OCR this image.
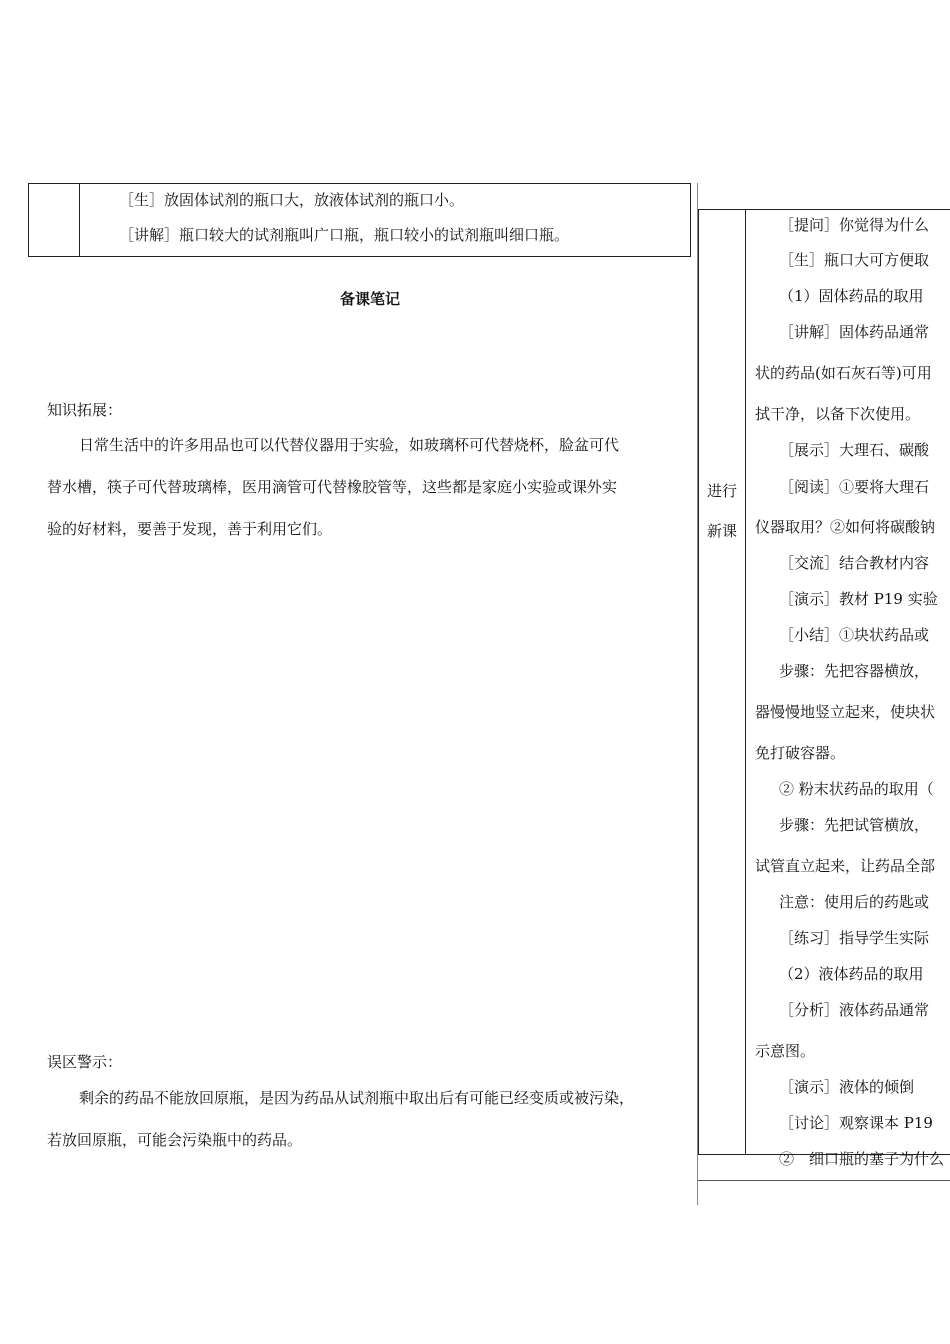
［生］放固体试剂的瓶口大，放液体试剂的瓶口小。
［讲解］瓶口较大的试剂瓶叫广口瓶，瓶口较小的试剂瓶叫细口瓶。
备课笔记
知识拓展：
日常生活中的许多用品也可以代替仪器用于实验，如玻璃杯可代替烧杯，脸盆可代
替水槽，筷子可代替玻璃棒，医用滴管可代替橡胶管等，这些都是家庭小实验或课外实
验的好材料，要善于发现，善于利用它们。
误区警示：
剩余的药品不能放回原瓶，是因为药品从试剂瓶中取出后有可能已经变质或被污染，
若放回原瓶，可能会污染瓶中的药品。
进行
新课
［提问］你觉得为什么
［生］瓶口大可方便取
（1）固体药品的取用
［讲解］固体药品通常
状的药品(如石灰石等)可用
拭干净，以备下次使用。
［展示］大理石、碳酸
［阅读］①要将大理石
仪器取用？②如何将碳酸钠
［交流］结合教材内容
［演示］教材 P19 实验
［小结］①块状药品或
步骤：先把容器横放，
器慢慢地竖立起来，使块状
免打破容器。
② 粉末状药品的取用（
步骤：先把试管横放，
试管直立起来，让药品全部
注意：使用后的药匙或
［练习］指导学生实际
（2）液体药品的取用
［分析］液体药品通常
示意图。
［演示］液体的倾倒
［讨论］观察课本 P19
②　细口瓶的塞子为什么
